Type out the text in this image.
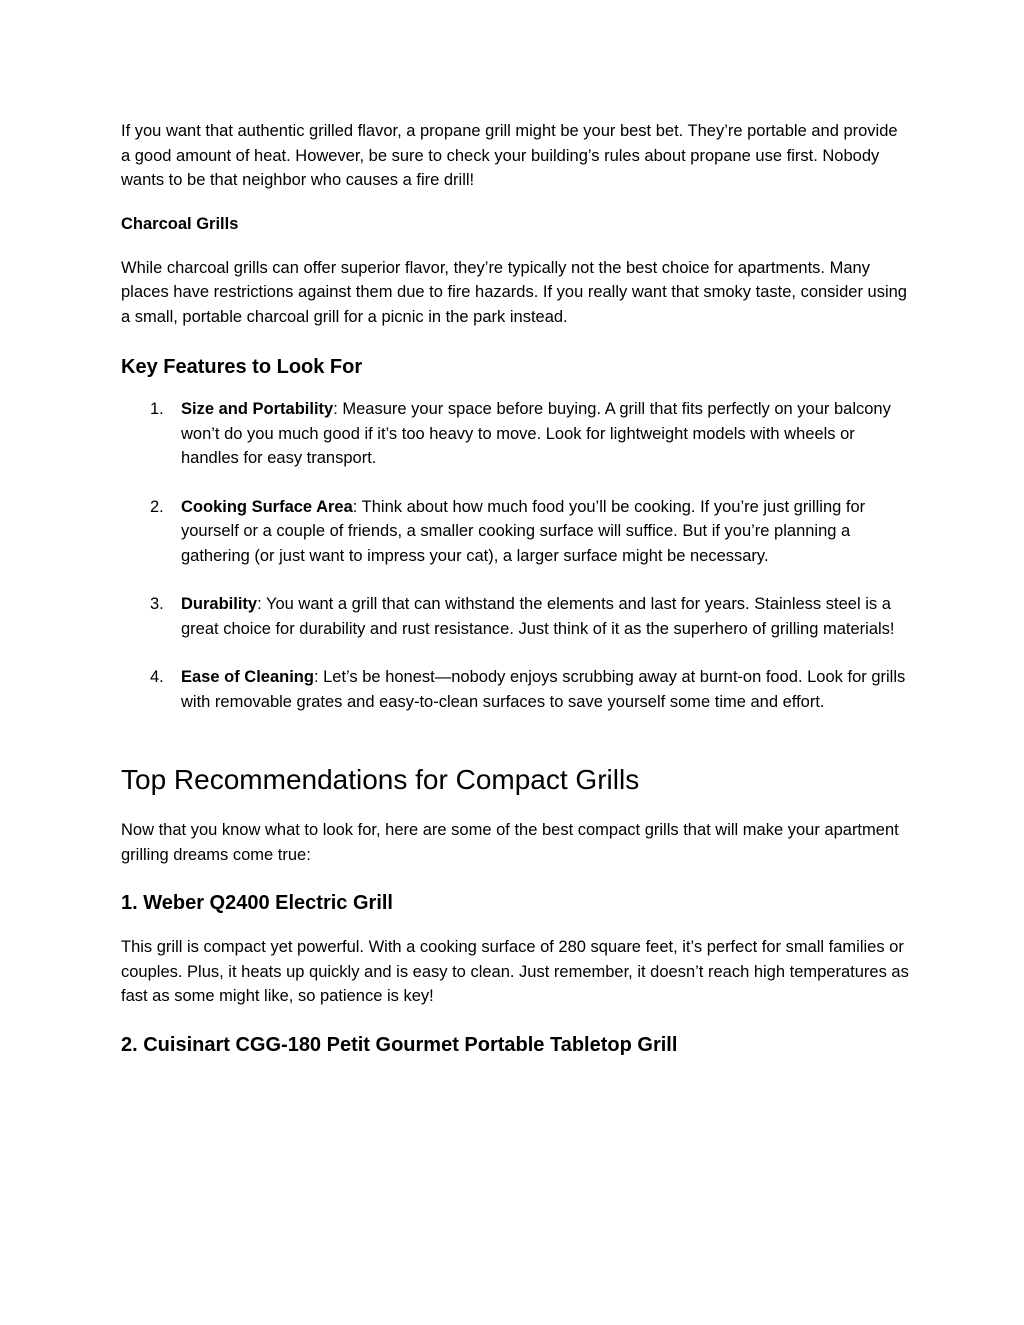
If you want that authentic grilled flavor, a propane grill might be your best bet. They’re portable and provide a good amount of heat. However, be sure to check your building’s rules about propane use first. Nobody wants to be that neighbor who causes a fire drill!

Charcoal Grills

While charcoal grills can offer superior flavor, they’re typically not the best choice for apartments. Many places have restrictions against them due to fire hazards. If you really want that smoky taste, consider using a small, portable charcoal grill for a picnic in the park instead.

Key Features to Look For
1. Size and Portability: Measure your space before buying. A grill that fits perfectly on your balcony won’t do you much good if it’s too heavy to move. Look for lightweight models with wheels or handles for easy transport.
2. Cooking Surface Area: Think about how much food you’ll be cooking. If you’re just grilling for yourself or a couple of friends, a smaller cooking surface will suffice. But if you’re planning a gathering (or just want to impress your cat), a larger surface might be necessary.
3. Durability: You want a grill that can withstand the elements and last for years. Stainless steel is a great choice for durability and rust resistance. Just think of it as the superhero of grilling materials!
4. Ease of Cleaning: Let’s be honest—nobody enjoys scrubbing away at burnt-on food. Look for grills with removable grates and easy-to-clean surfaces to save yourself some time and effort.
Top Recommendations for Compact Grills

Now that you know what to look for, here are some of the best compact grills that will make your apartment grilling dreams come true:

1. Weber Q2400 Electric Grill

This grill is compact yet powerful. With a cooking surface of 280 square feet, it’s perfect for small families or couples. Plus, it heats up quickly and is easy to clean. Just remember, it doesn’t reach high temperatures as fast as some might like, so patience is key!

2. Cuisinart CGG-180 Petit Gourmet Portable Tabletop Grill
